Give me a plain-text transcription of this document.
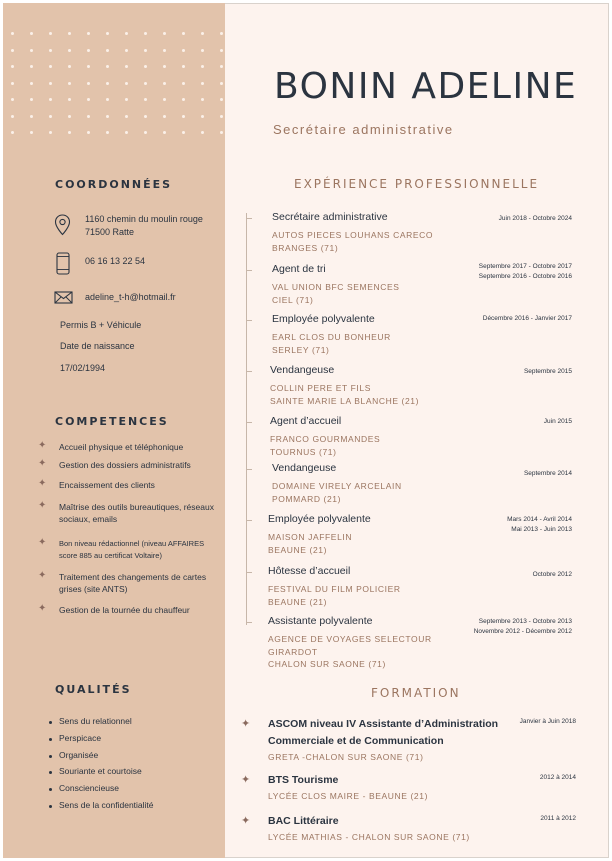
BONIN ADELINE
Secrétaire administrative
COORDONNÉES
1160 chemin du moulin rouge
71500 Ratte
06 16 13 22 54
adeline_t-h@hotmail.fr
Permis B + Véhicule
Date de naissance
17/02/1994
COMPETENCES
✦ Accueil physique et téléphonique
✦ Gestion des dossiers administratifs
✦ Encaissement des clients
✦ Maîtrise des outils bureautiques, réseaux sociaux, emails
✦ Bon niveau rédactionnel (niveau AFFAIRES score 885 au certificat Voltaire)
✦ Traitement des changements de cartes grises (site ANTS)
✦ Gestion de la tournée du chauffeur
QUALITÉS
Sens du relationnel
Perspicace
Organisée
Souriante et courtoise
Consciencieuse
Sens de la confidentialité
EXPÉRIENCE PROFESSIONNELLE
Secrétaire administrative
AUTOS PIECES LOUHANS CARECO
BRANGES (71)
Juin 2018 - Octobre 2024
Agent de tri
VAL UNION BFC SEMENCES
CIEL (71)
Septembre 2017 - Octobre 2017
Septembre 2016 - Octobre 2016
Employée polyvalente
EARL CLOS DU BONHEUR
SERLEY (71)
Décembre 2016 - Janvier 2017
Vendangeuse
COLLIN PERE ET FILS
SAINTE MARIE LA BLANCHE (21)
Septembre 2015
Agent d’accueil
FRANCO GOURMANDES
TOURNUS (71)
Juin 2015
Vendangeuse
DOMAINE VIRELY ARCELAIN
POMMARD (21)
Septembre 2014
Employée polyvalente
MAISON JAFFELIN
BEAUNE (21)
Mars 2014 - Avril 2014
Mai 2013 - Juin 2013
Hôtesse d’accueil
FESTIVAL DU FILM POLICIER
BEAUNE (21)
Octobre 2012
Assistante polyvalente
AGENCE DE VOYAGES SELECTOUR
GIRARDOT
CHALON SUR SAONE (71)
Septembre 2013 - Octobre 2013
Novembre 2012 - Décembre 2012
FORMATION
✦ ASCOM niveau IV Assistante d’Administration
Commerciale et de Communication
GRETA -CHALON SUR SAONE (71)
Janvier à Juin 2018
✦ BTS Tourisme
LYCÉE CLOS MAIRE - BEAUNE (21)
2012 à 2014
✦ BAC Littéraire
LYCÉE MATHIAS - CHALON SUR SAONE (71)
2011 à 2012
